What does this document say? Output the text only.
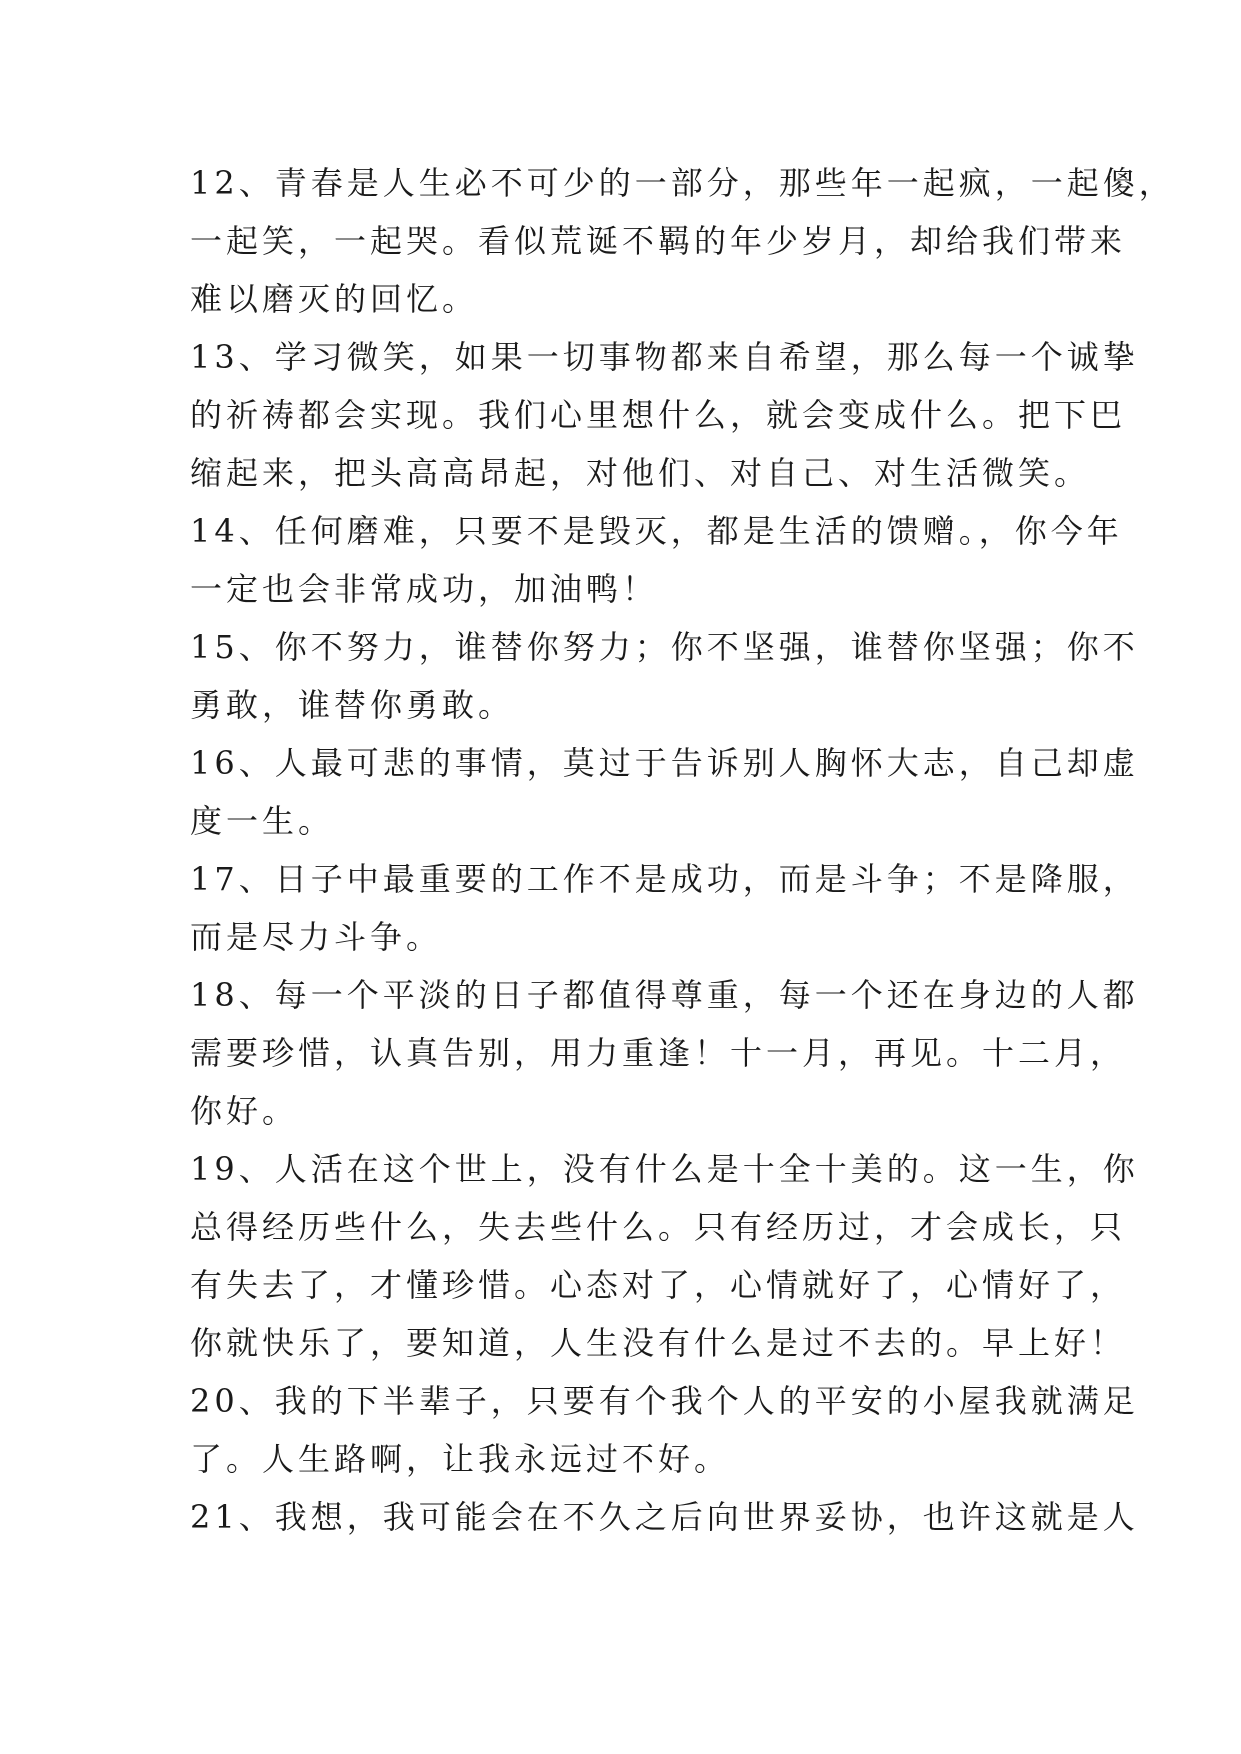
12、青春是人生必不可少的一部分，那些年一起疯，一起傻，
一起笑，一起哭。看似荒诞不羁的年少岁月，却给我们带来
难以磨灭的回忆。
13、学习微笑，如果一切事物都来自希望，那么每一个诚挚
的祈祷都会实现。我们心里想什么，就会变成什么。把下巴
缩起来，把头高高昂起，对他们、对自己、对生活微笑。
14、任何磨难，只要不是毁灭，都是生活的馈赠。，你今年
一定也会非常成功，加油鸭！
15、你不努力，谁替你努力；你不坚强，谁替你坚强；你不
勇敢，谁替你勇敢。
16、人最可悲的事情，莫过于告诉别人胸怀大志，自己却虚
度一生。
17、日子中最重要的工作不是成功，而是斗争；不是降服，
而是尽力斗争。
18、每一个平淡的日子都值得尊重，每一个还在身边的人都
需要珍惜，认真告别，用力重逢！十一月，再见。十二月，
你好。
19、人活在这个世上，没有什么是十全十美的。这一生，你
总得经历些什么，失去些什么。只有经历过，才会成长，只
有失去了，才懂珍惜。心态对了，心情就好了，心情好了，
你就快乐了，要知道，人生没有什么是过不去的。早上好！
20、我的下半辈子，只要有个我个人的平安的小屋我就满足
了。人生路啊，让我永远过不好。
21、我想，我可能会在不久之后向世界妥协，也许这就是人
